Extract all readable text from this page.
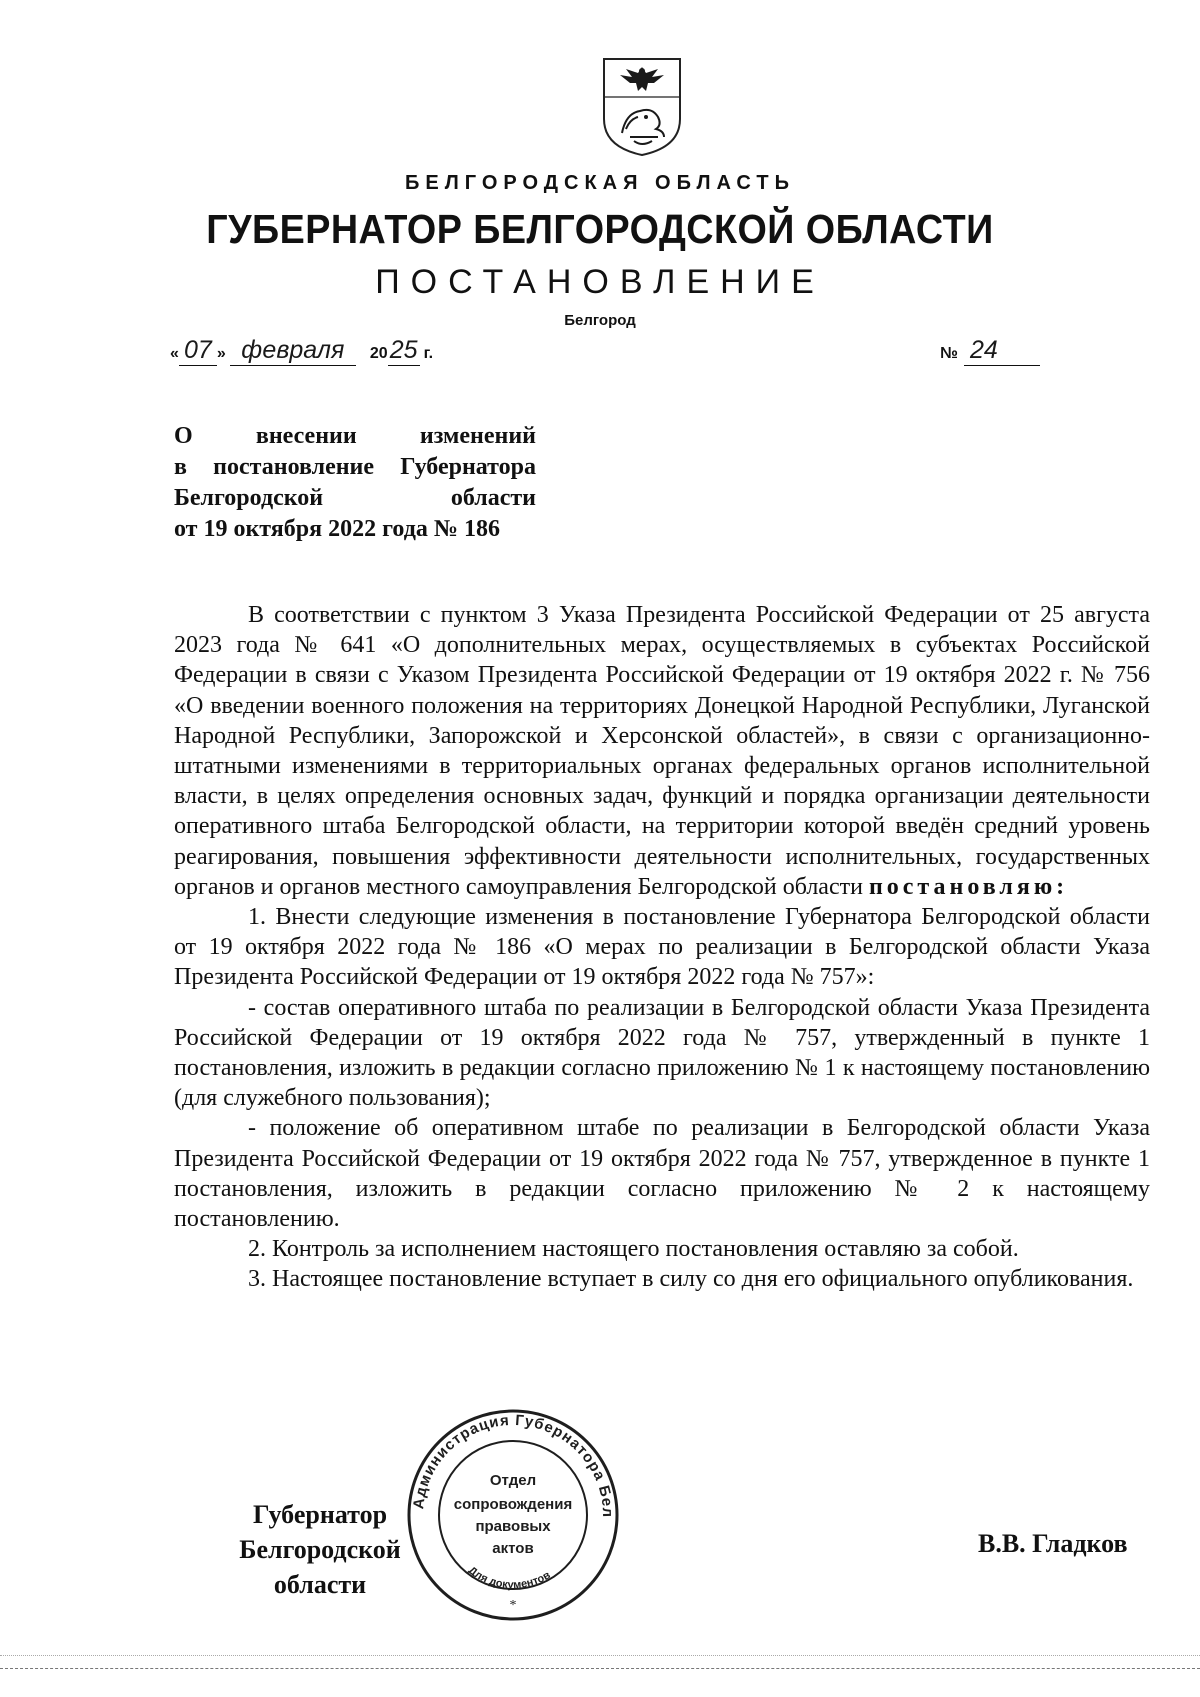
БЕЛГОРОДСКАЯ ОБЛАСТЬ
ГУБЕРНАТОР БЕЛГОРОДСКОЙ ОБЛАСТИ
ПОСТАНОВЛЕНИЕ
Белгород
« 07 » февраля 2025 г.	№ 24
О внесении изменений
в постановление Губернатора
Белгородской области
от 19 октября 2022 года № 186

В соответствии с пунктом 3 Указа Президента Российской Федерации от 25 августа 2023 года № 641 «О дополнительных мерах, осуществляемых в субъектах Российской Федерации в связи с Указом Президента Российской Федерации от 19 октября 2022 г. № 756 «О введении военного положения на территориях Донецкой Народной Республики, Луганской Народной Республики, Запорожской и Херсонской областей», в связи с организационно-штатными изменениями в территориальных органах федеральных органов исполнительной власти, в целях определения основных задач, функций и порядка организации деятельности оперативного штаба Белгородской области, на территории которой введён средний уровень реагирования, повышения эффективности деятельности исполнительных, государственных органов и органов местного самоуправления Белгородской области постановляю:

1. Внести следующие изменения в постановление Губернатора Белгородской области от 19 октября 2022 года № 186 «О мерах по реализации в Белгородской области Указа Президента Российской Федерации от 19 октября 2022 года № 757»:

- состав оперативного штаба по реализации в Белгородской области Указа Президента Российской Федерации от 19 октября 2022 года № 757, утвержденный в пункте 1 постановления, изложить в редакции согласно приложению № 1 к настоящему постановлению (для служебного пользования);

- положение об оперативном штабе по реализации в Белгородской области Указа Президента Российской Федерации от 19 октября 2022 года № 757, утвержденное в пункте 1 постановления, изложить в редакции согласно приложению № 2 к настоящему постановлению.

2. Контроль за исполнением настоящего постановления оставляю за собой.

3. Настоящее постановление вступает в силу со дня его официального опубликования.

Губернатор
Белгородской области
В.В. Гладков
Администрация Губернатора Бел
Для документов
Отдел
сопровождения
правовых
актов
*
